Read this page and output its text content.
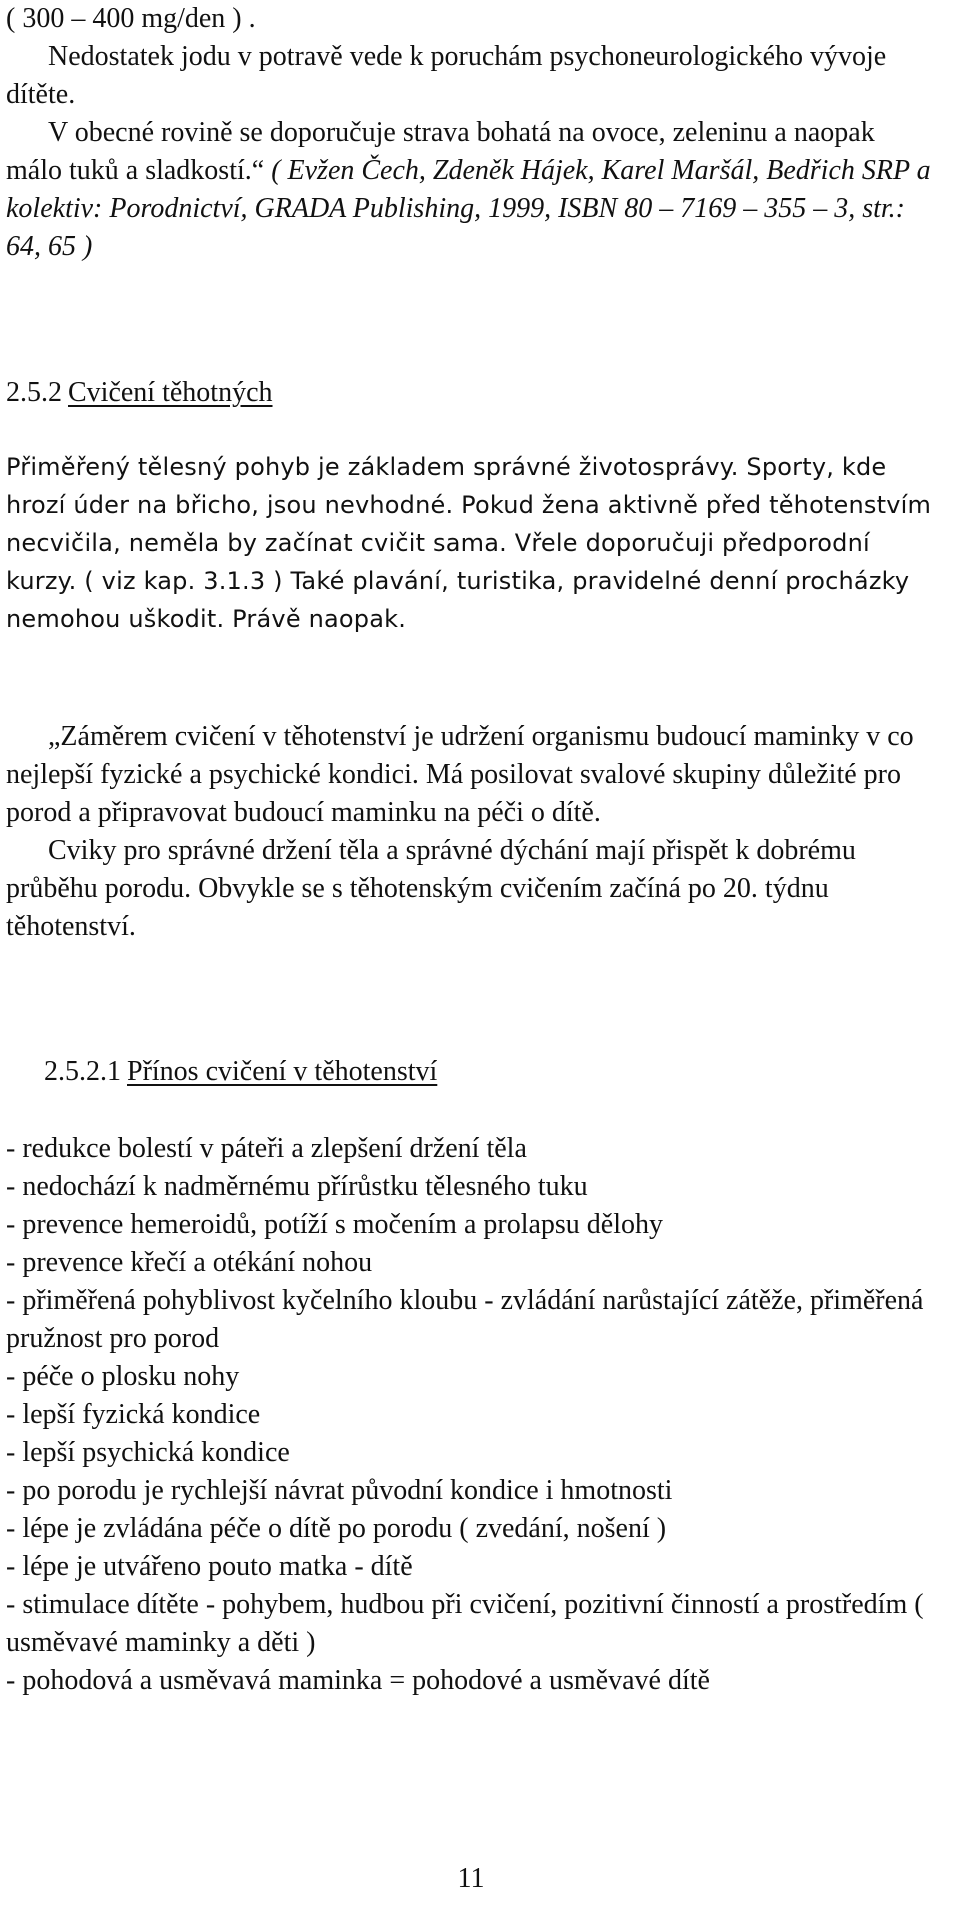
( 300 – 400 mg/den ) .

Nedostatek jodu v potravě vede k poruchám psychoneurologického vývoje dítěte.

V obecné rovině se doporučuje strava bohatá na ovoce, zeleninu a naopak málo tuků a sladkostí.“ ( Evžen Čech, Zdeněk Hájek, Karel Maršál, Bedřich SRP a kolektiv: Porodnictví, GRADA Publishing, 1999, ISBN 80 – 7169 – 355 – 3, str.: 64, 65 )

2.5.2 Cvičení těhotných

Přiměřený tělesný pohyb je základem správné životosprávy. Sporty, kde hrozí úder na břicho, jsou nevhodné. Pokud žena aktivně před těhotenstvím necvičila, neměla by začínat cvičit sama. Vřele doporučuji předporodní kurzy. ( viz kap. 3.1.3 ) Také plavání, turistika, pravidelné denní procházky nemohou uškodit. Právě naopak.

„Záměrem cvičení v těhotenství je udržení organismu budoucí maminky v co nejlepší fyzické a psychické kondici. Má posilovat svalové skupiny důležité pro porod a připravovat budoucí maminku na péči o dítě.

Cviky pro správné držení těla a správné dýchání mají přispět k dobrému průběhu porodu. Obvykle se s těhotenským cvičením začíná po 20. týdnu těhotenství.

2.5.2.1 Přínos cvičení v těhotenství

- redukce bolestí v páteři a zlepšení držení těla

- nedochází k nadměrnému přírůstku tělesného tuku

- prevence hemeroidů, potíží s močením a prolapsu dělohy

- prevence křečí a otékání nohou

- přiměřená pohyblivost kyčelního kloubu - zvládání narůstající zátěže, přiměřená pružnost pro porod

- péče o plosku nohy

- lepší fyzická kondice

- lepší psychická kondice

- po porodu je rychlejší návrat původní kondice i hmotnosti

- lépe je zvládána péče o dítě po porodu ( zvedání, nošení )

- lépe je utvářeno pouto matka - dítě

- stimulace dítěte - pohybem, hudbou při cvičení, pozitivní činností a prostředím ( usměvavé maminky a děti )

- pohodová a usměvavá maminka = pohodové a usměvavé dítě

11
